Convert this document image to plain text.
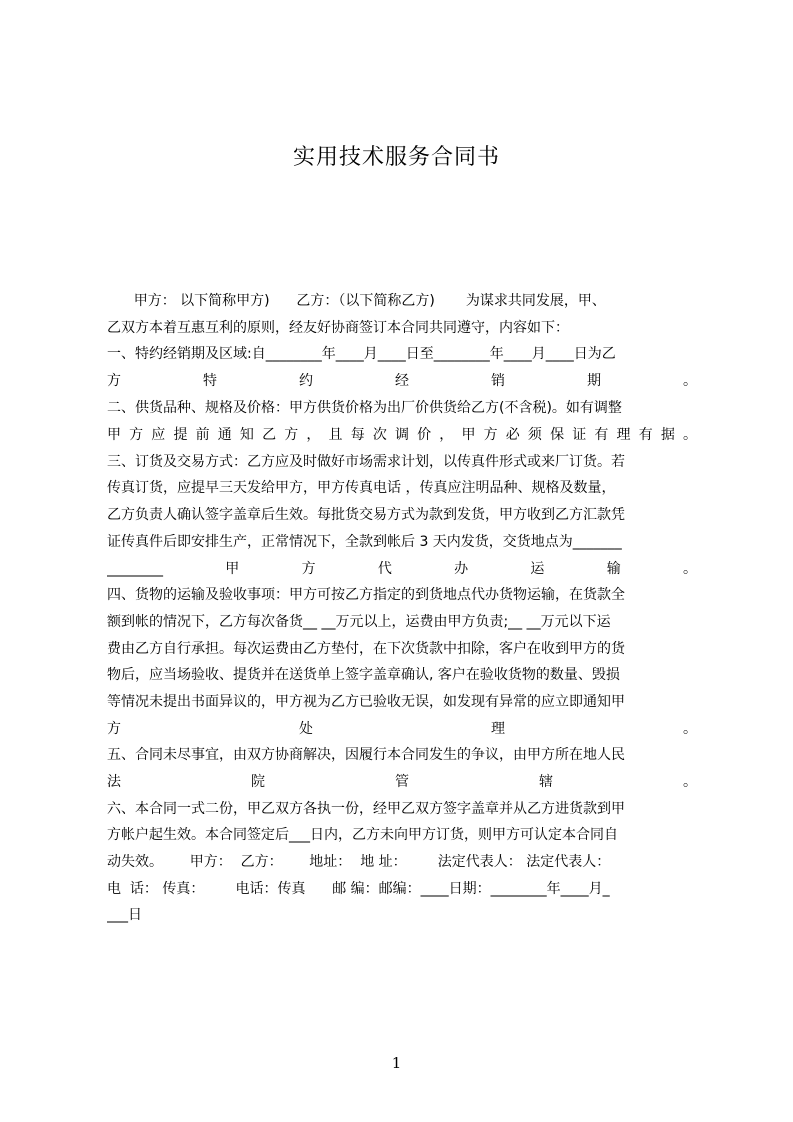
实用技术服务合同书
甲方： 以下简称甲方)      乙方：（以下简称乙方)       为谋求共同发展，甲、
乙双方本着互惠互利的原则，经友好协商签订本合同共同遵守，内容如下：
一、特约经销期及区域:自________年____月____日至________年____月____日为乙
方特约经销期。
二、供货品种、规格及价格：甲方供货价格为出厂价供货给乙方(不含税)。如有调整
甲方应提前通知乙方，且每次调价，甲方必须保证有理有据。
三、订货及交易方式：乙方应及时做好市场需求计划，以传真件形式或来厂订货。若
传真订货，应提早三天发给甲方，甲方传真电话 ，传真应注明品种、规格及数量，
乙方负责人确认签字盖章后生效。每批货交易方式为款到发货，甲方收到乙方汇款凭
证传真件后即安排生产，正常情况下，全款到帐后 3 天内发货，交货地点为_______
________甲方代办运输。
四、货物的运输及验收事项：甲方可按乙方指定的到货地点代办货物运输，在货款全
额到帐的情况下，乙方每次备货__ __万元以上，运费由甲方负责;__ __万元以下运
费由乙方自行承担。每次运费由乙方垫付，在下次货款中扣除，客户在收到甲方的货
物后，应当场验收、提货并在送货单上签字盖章确认, 客户在验收货物的数量、毁损
等情况未提出书面异议的，甲方视为乙方已验收无误，如发现有异常的应立即通知甲
方处理。
五、合同未尽事宜，由双方协商解决，因履行本合同发生的争议，由甲方所在地人民
法院管辖。
六、本合同一式二份，甲乙双方各执一份，经甲乙双方签字盖章并从乙方进货款到甲
方帐户起生效。本合同签定后___日内，乙方未向甲方订货，则甲方可认定本合同自
动失效。      甲方：  乙方：      地址：  地 址：       法定代表人： 法定代表人：
电  话： 传真：       电话：传真      邮 编：邮编：____日期：________年____月_
___日
1
